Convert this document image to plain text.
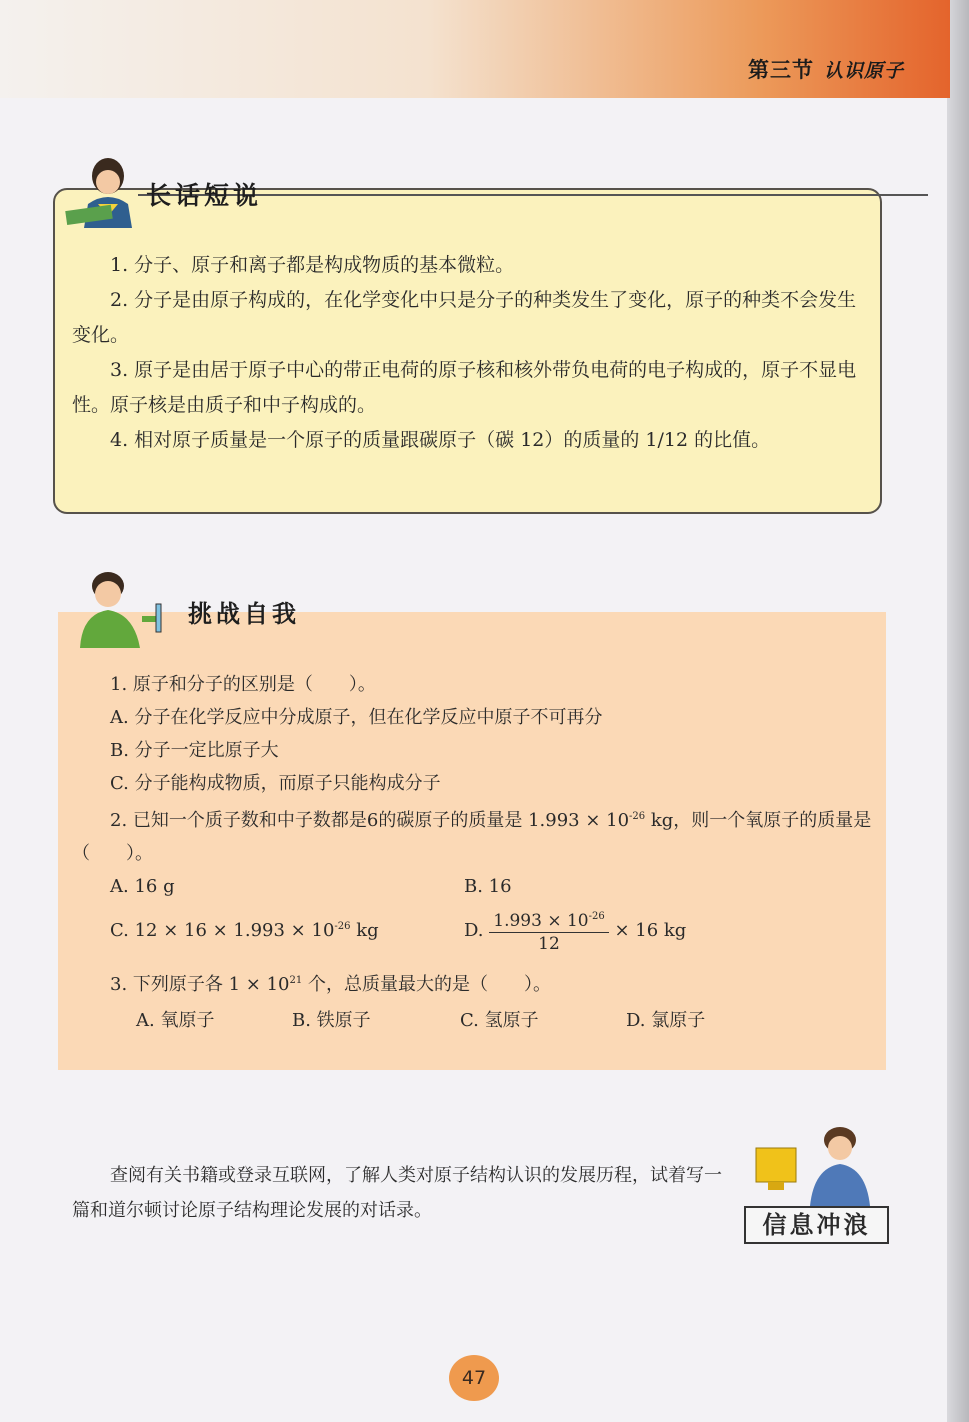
第三节 认识原子
长话短说

1. 分子、原子和离子都是构成物质的基本微粒。

2. 分子是由原子构成的，在化学变化中只是分子的种类发生了变化，原子的种类不会发生变化。

3. 原子是由居于原子中心的带正电荷的原子核和核外带负电荷的电子构成的，原子不显电性。原子核是由质子和中子构成的。

4. 相对原子质量是一个原子的质量跟碳原子（碳 12）的质量的 1/12 的比值。

挑战自我

1. 原子和分子的区别是（　　）。

A. 分子在化学反应中分成原子，但在化学反应中原子不可再分

B. 分子一定比原子大

C. 分子能构成物质，而原子只能构成分子

2. 已知一个质子数和中子数都是6的碳原子的质量是 $1.993 \times 10^{-26}$ kg，则一个氧原子的质量是（　　）。

A. 16 g	B. 16
C. $12 \times 16 \times 1.993 \times 10^{-26}$ kg	D. $\frac{1.993 \times 10^{-26}}{12} \times 16$ kg
3. 下列原子各 $1 \times 10^{21}$ 个，总质量最大的是（　　）。
A. 氧原子	B. 铁原子	C. 氢原子	D. 氯原子

查阅有关书籍或登录互联网，了解人类对原子结构认识的发展历程，试着写一篇和道尔顿讨论原子结构理论发展的对话录。

信息冲浪
47
